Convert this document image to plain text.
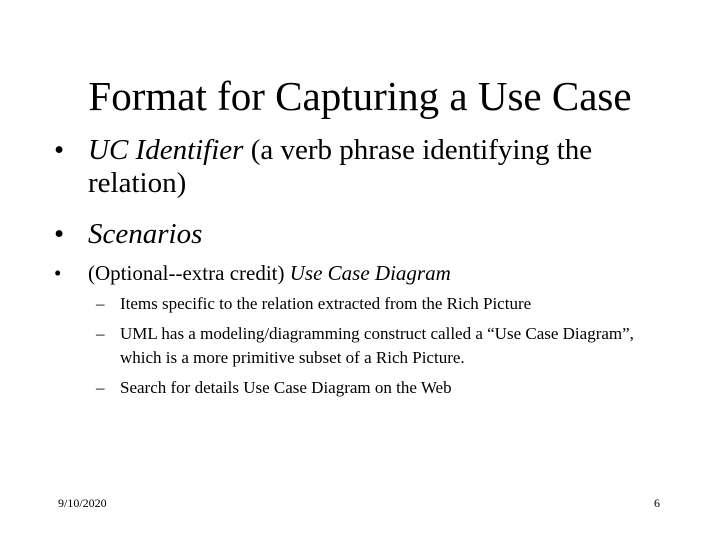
Format for Capturing a Use Case
• UC Identifier (a verb phrase identifying the relation)
• Scenarios
• (Optional--extra credit) Use Case Diagram
– Items specific to the relation extracted from the Rich Picture
– UML has a modeling/diagramming construct called a “Use Case Diagram”, which is a more primitive subset of a Rich Picture.
– Search for details Use Case Diagram on the Web
9/10/2020	6
